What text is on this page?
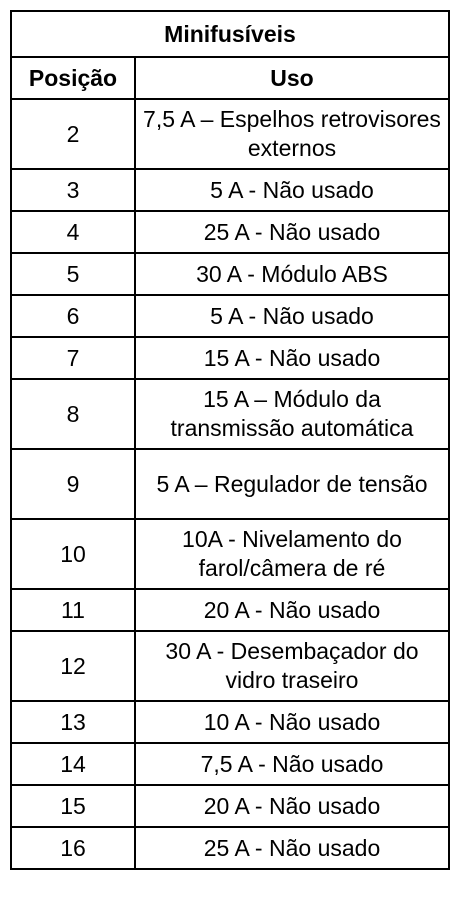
Minifusíveis	
Posição	Uso
2	7,5 A – Espelhos retrovisores externos
3	5 A - Não usado
4	25 A - Não usado
5	30 A - Módulo ABS
6	5 A - Não usado
7	15 A - Não usado
8	15 A – Módulo da transmissão automática
9	5 A – Regulador de tensão
10	10A - Nivelamento do farol/câmera de ré
11	20 A - Não usado
12	30 A - Desembaçador do vidro traseiro
13	10 A - Não usado
14	7,5 A - Não usado
15	20 A - Não usado
16	25 A - Não usado
